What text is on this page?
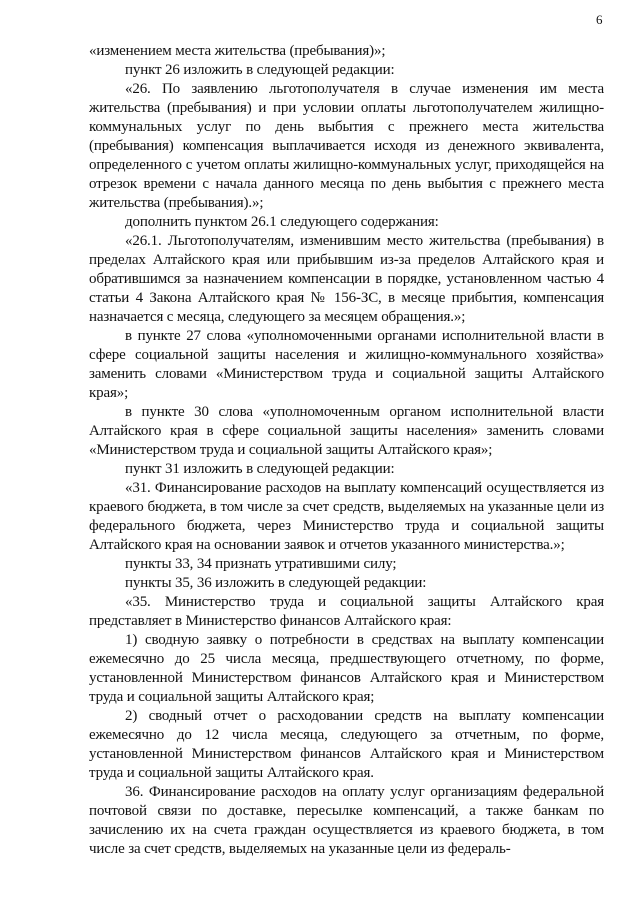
6

«изменением места жительства (пребывания)»;

пункт 26 изложить в следующей редакции:

«26. По заявлению льготополучателя в случае изменения им места жительства (пребывания) и при условии оплаты льготополучателем жилищно-коммунальных услуг по день выбытия с прежнего места жительства (пребывания) компенсация выплачивается исходя из денежного эквивалента, определенного с учетом оплаты жилищно-коммунальных услуг, приходящейся на отрезок времени с начала данного месяца по день выбытия с прежнего места жительства (пребывания).»;

дополнить пунктом 26.1 следующего содержания:

«26.1. Льготополучателям, изменившим место жительства (пребывания) в пределах Алтайского края или прибывшим из-за пределов Алтайского края и обратившимся за назначением компенсации в порядке, установленном частью 4 статьи 4 Закона Алтайского края № 156-ЗС, в месяце прибытия, компенсация назначается с месяца, следующего за месяцем обращения.»;

в пункте 27 слова «уполномоченными органами исполнительной власти в сфере социальной защиты населения и жилищно-коммунального хозяйства» заменить словами «Министерством труда и социальной защиты Алтайского края»;

в пункте 30 слова «уполномоченным органом исполнительной власти Алтайского края в сфере социальной защиты населения» заменить словами «Министерством труда и социальной защиты Алтайского края»;

пункт 31 изложить в следующей редакции:

«31. Финансирование расходов на выплату компенсаций осуществляется из краевого бюджета, в том числе за счет средств, выделяемых на указанные цели из федерального бюджета, через Министерство труда и социальной защиты Алтайского края на основании заявок и отчетов указанного министерства.»;

пункты 33, 34 признать утратившими силу;

пункты 35, 36 изложить в следующей редакции:

«35. Министерство труда и социальной защиты Алтайского края представляет в Министерство финансов Алтайского края:

1) сводную заявку о потребности в средствах на выплату компенсации ежемесячно до 25 числа месяца, предшествующего отчетному, по форме, установленной Министерством финансов Алтайского края и Министерством труда и социальной защиты Алтайского края;

2) сводный отчет о расходовании средств на выплату компенсации ежемесячно до 12 числа месяца, следующего за отчетным, по форме, установленной Министерством финансов Алтайского края и Министерством труда и социальной защиты Алтайского края.

36. Финансирование расходов на оплату услуг организациям федеральной почтовой связи по доставке, пересылке компенсаций, а также банкам по зачислению их на счета граждан осуществляется из краевого бюджета, в том числе за счет средств, выделяемых на указанные цели из федераль-
